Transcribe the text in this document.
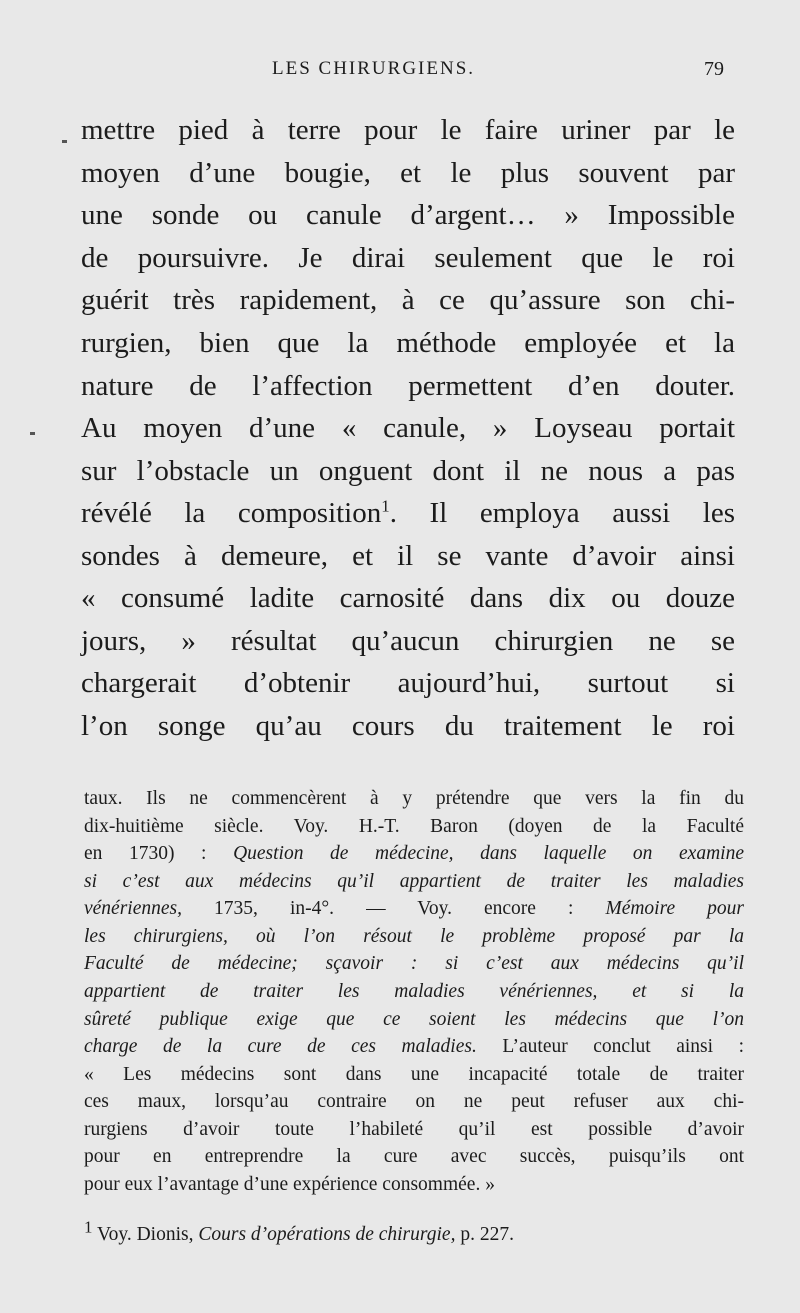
LES CHIRURGIENS.	79
mettre pied à terre pour le faire uriner par le
moyen d’une bougie, et le plus souvent par
une sonde ou canule d’argent… » Impossible
de poursuivre. Je dirai seulement que le roi
guérit très rapidement, à ce qu’assure son chi-
rurgien, bien que la méthode employée et la
nature de l’affection permettent d’en douter.
Au moyen d’une « canule, » Loyseau portait
sur l’obstacle un onguent dont il ne nous a pas
révélé la composition$^1$. Il employa aussi les
sondes à demeure, et il se vante d’avoir ainsi
« consumé ladite carnosité dans dix ou douze
jours, » résultat qu’aucun chirurgien ne se
chargerait d’obtenir aujourd’hui, surtout si
l’on songe qu’au cours du traitement le roi
taux. Ils ne commencèrent à y prétendre que vers la fin du
dix-huitième siècle. Voy. H.-T. Baron (doyen de la Faculté
en 1730) : Question de médecine, dans laquelle on examine
si c’est aux médecins qu’il appartient de traiter les maladies
vénériennes, 1735, in-4°. — Voy. encore : Mémoire pour
les chirurgiens, où l’on résout le problème proposé par la
Faculté de médecine; sçavoir : si c’est aux médecins qu’il
appartient de traiter les maladies vénériennes, et si la
sûreté publique exige que ce soient les médecins que l’on
charge de la cure de ces maladies. L’auteur conclut ainsi :
« Les médecins sont dans une incapacité totale de traiter
ces maux, lorsqu’au contraire on ne peut refuser aux chi-
rurgiens d’avoir toute l’habileté qu’il est possible d’avoir
pour en entreprendre la cure avec succès, puisqu’ils ont
pour eux l’avantage d’une expérience consommée. »
1 Voy. Dionis, Cours d’opérations de chirurgie, p. 227.
